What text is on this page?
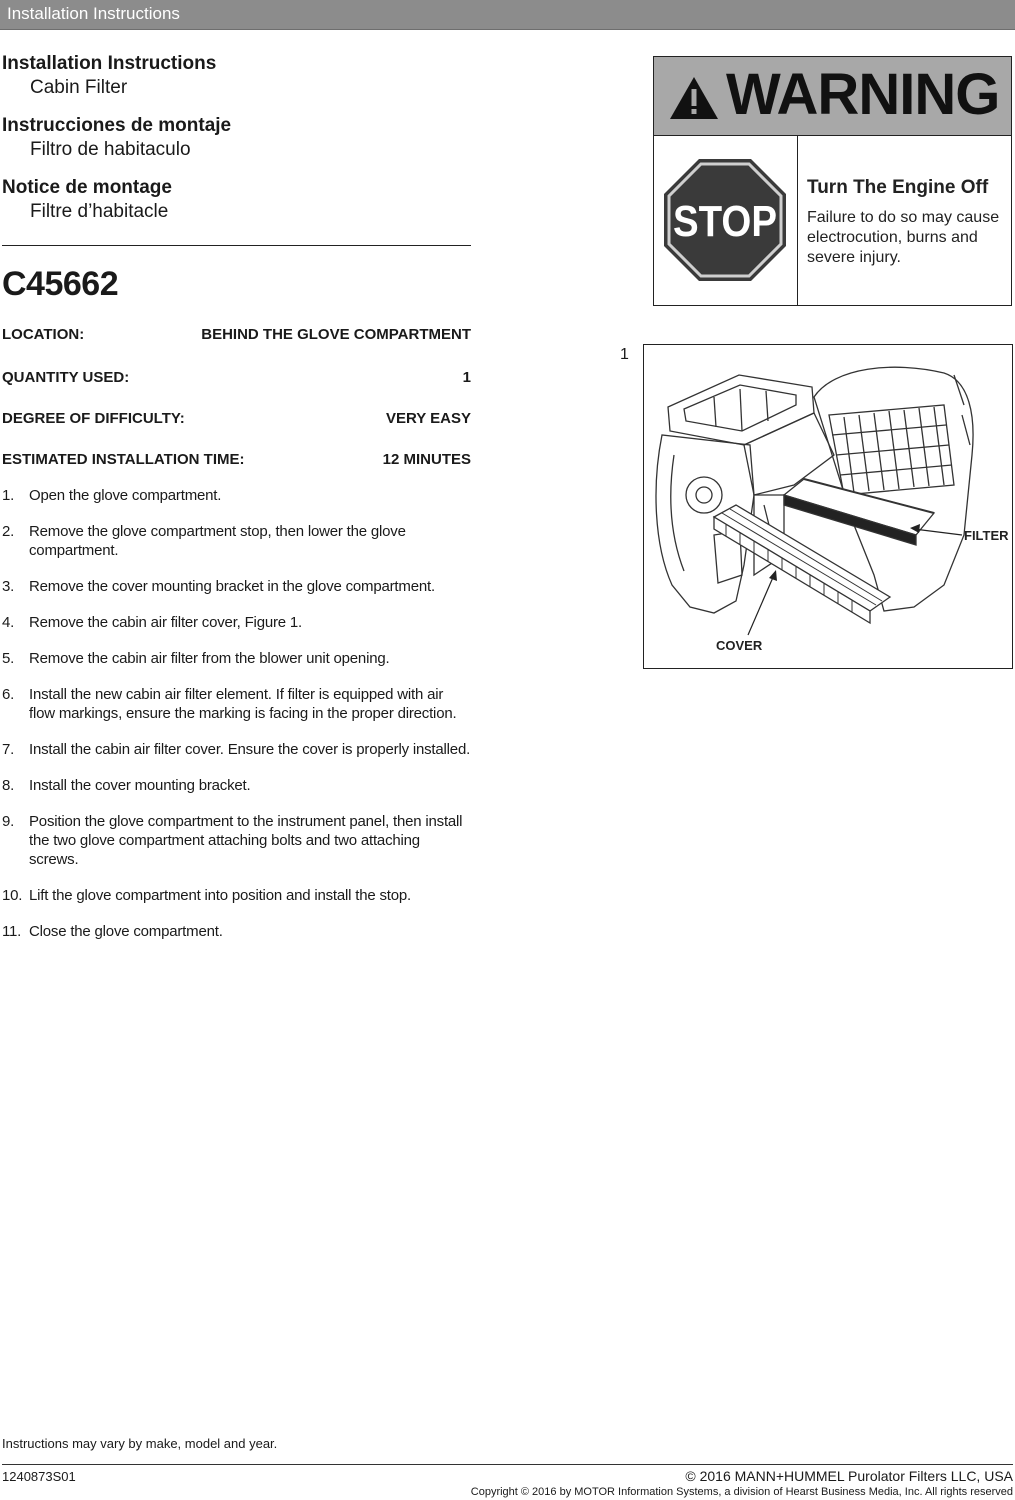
Installation Instructions
Installation Instructions
Cabin Filter
Instrucciones de montaje
Filtro de habitaculo
Notice de montage
Filtre d’habitacle
C45662
LOCATION:	BEHIND THE GLOVE COMPARTMENT
QUANTITY USED:	1
DEGREE OF DIFFICULTY:	VERY EASY
ESTIMATED INSTALLATION TIME:	12 MINUTES
1. Open the glove compartment.
2. Remove the glove compartment stop, then lower the glove compartment.
3. Remove the cover mounting bracket in the glove compartment.
4. Remove the cabin air filter cover, Figure 1.
5. Remove the cabin air filter from the blower unit opening.
6. Install the new cabin air filter element. If filter is equipped with air flow markings, ensure the marking is facing in the proper direction.
7. Install the cabin air filter cover. Ensure the cover is properly installed.
8. Install the cover mounting bracket.
9. Position the glove compartment to the instrument panel, then install the two glove compartment attaching bolts and two attaching screws.
10. Lift the glove compartment into position and install the stop.
11. Close the glove compartment.
WARNING
STOP
Turn The Engine Off
Failure to do so may cause electrocution, burns and severe injury.
1
FILTER
COVER
Instructions may vary by make, model and year.
1240873S01	© 2016 MANN+HUMMEL Purolator Filters LLC, USA
Copyright © 2016 by MOTOR Information Systems, a division of Hearst Business Media, Inc. All rights reserved
